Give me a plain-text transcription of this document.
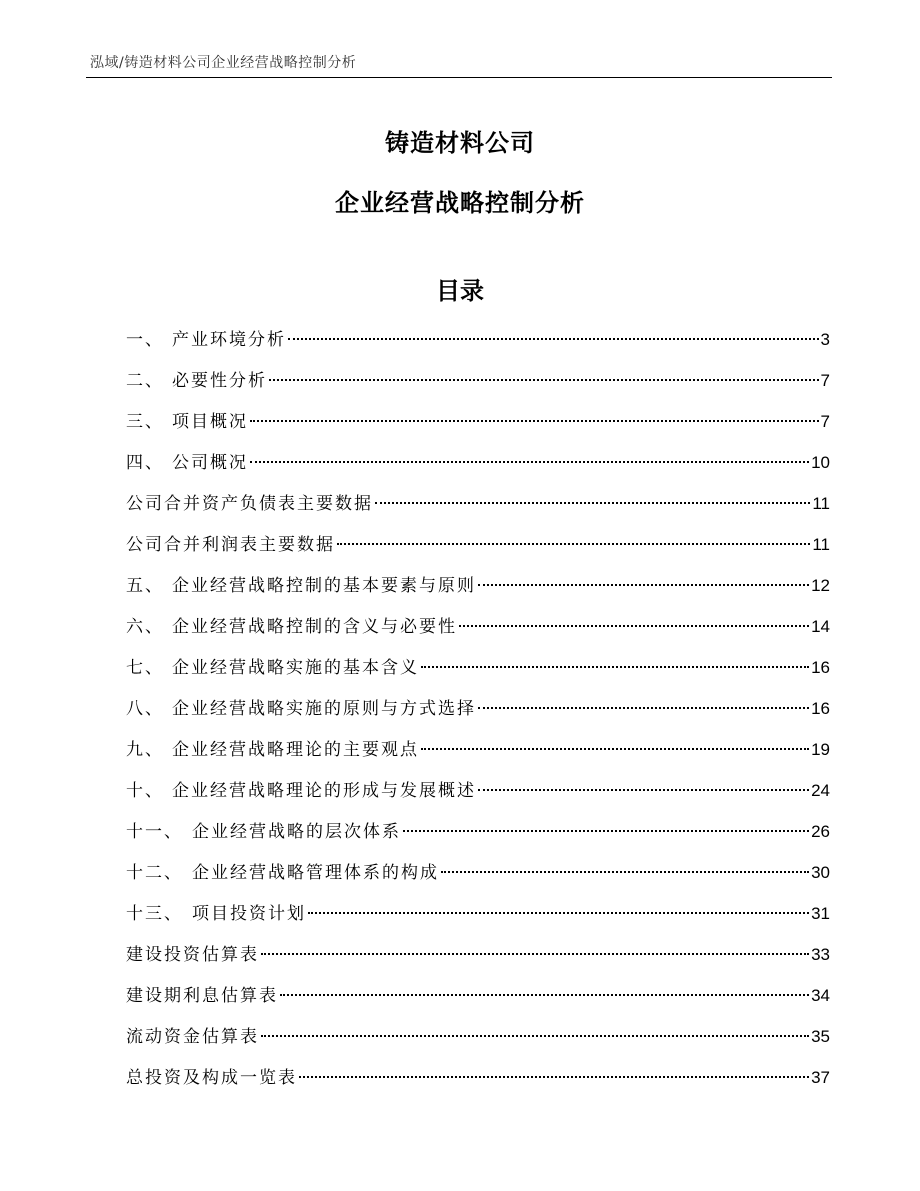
泓域/铸造材料公司企业经营战略控制分析
铸造材料公司
企业经营战略控制分析
目录
一、 产业环境分析	3
二、 必要性分析	7
三、 项目概况	7
四、 公司概况	10
公司合并资产负债表主要数据	11
公司合并利润表主要数据	11
五、 企业经营战略控制的基本要素与原则	12
六、 企业经营战略控制的含义与必要性	14
七、 企业经营战略实施的基本含义	16
八、 企业经营战略实施的原则与方式选择	16
九、 企业经营战略理论的主要观点	19
十、 企业经营战略理论的形成与发展概述	24
十一、 企业经营战略的层次体系	26
十二、 企业经营战略管理体系的构成	30
十三、 项目投资计划	31
建设投资估算表	33
建设期利息估算表	34
流动资金估算表	35
总投资及构成一览表	37
